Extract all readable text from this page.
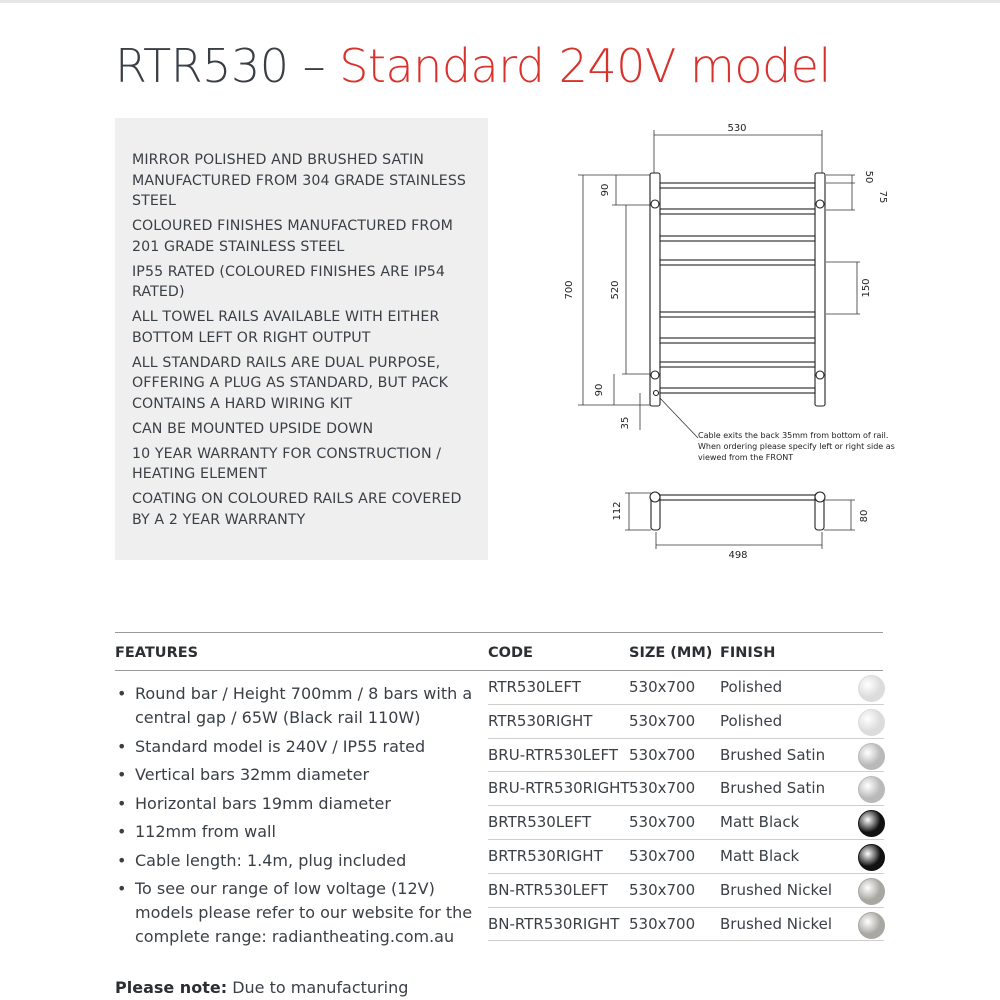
RTR530 – Standard 240V model
MIRROR POLISHED AND BRUSHED SATIN MANUFACTURED FROM 304 GRADE STAINLESS STEEL
COLOURED FINISHES MANUFACTURED FROM 201 GRADE STAINLESS STEEL
IP55 RATED (COLOURED FINISHES ARE IP54 RATED)
ALL TOWEL RAILS AVAILABLE WITH EITHER BOTTOM LEFT OR RIGHT OUTPUT
ALL STANDARD RAILS ARE DUAL PURPOSE, OFFERING A PLUG AS STANDARD, BUT PACK CONTAINS A HARD WIRING KIT
CAN BE MOUNTED UPSIDE DOWN
10 YEAR WARRANTY FOR CONSTRUCTION / HEATING ELEMENT
COATING ON COLOURED RAILS ARE COVERED BY A 2 YEAR WARRANTY
530
700
90
520
90
35
50
75
150
112	80
498
Cable exits the back 35mm from bottom of rail.
When ordering please specify left or right side as
viewed from the FRONT
FEATURES	CODE	SIZE (MM) FINISH
• Round bar / Height 700mm / 8 bars with a central gap / 65W (Black rail 110W)
• Standard model is 240V / IP55 rated
• Vertical bars 32mm diameter
• Horizontal bars 19mm diameter
• 112mm from wall
• Cable length: 1.4m, plug included
• To see our range of low voltage (12V) models please refer to our website for the complete range: radiantheating.com.au
Please note: Due to manufacturing
RTR530LEFT	530x700 Polished
RTR530RIGHT 530x700 Polished
BRU-RTR530LEFT 530x700 Brushed Satin
BRU-RTR530RIGHT 530x700 Brushed Satin
BRTR530LEFT	530x700 Matt Black
BRTR530RIGHT 530x700 Matt Black
BN-RTR530LEFT 530x700 Brushed Nickel
BN-RTR530RIGHT 530x700 Brushed Nickel
